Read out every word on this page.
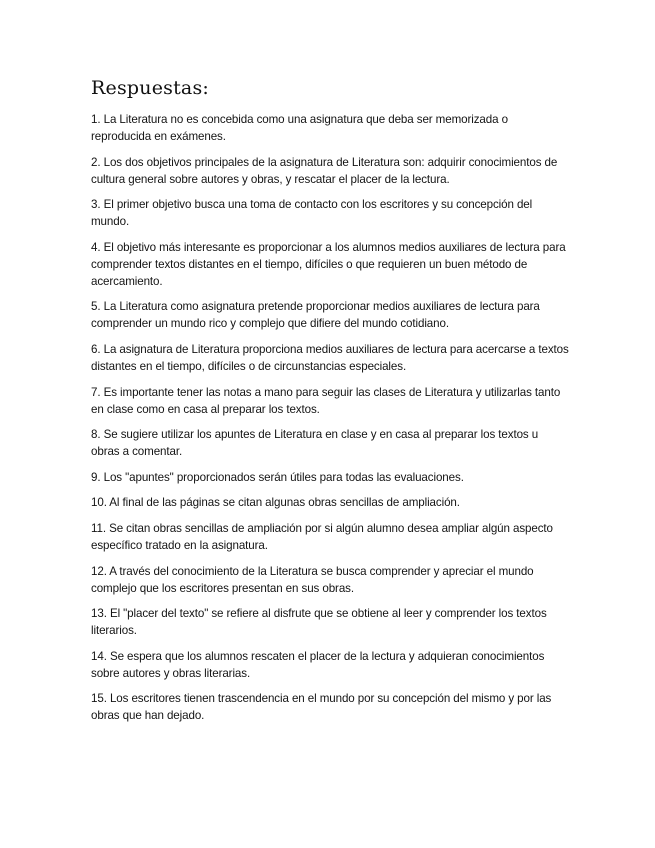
Respuestas:
1. La Literatura no es concebida como una asignatura que deba ser memorizada o reproducida en exámenes.
2. Los dos objetivos principales de la asignatura de Literatura son: adquirir conocimientos de cultura general sobre autores y obras, y rescatar el placer de la lectura.
3. El primer objetivo busca una toma de contacto con los escritores y su concepción del mundo.
4. El objetivo más interesante es proporcionar a los alumnos medios auxiliares de lectura para comprender textos distantes en el tiempo, difíciles o que requieren un buen método de acercamiento.
5. La Literatura como asignatura pretende proporcionar medios auxiliares de lectura para comprender un mundo rico y complejo que difiere del mundo cotidiano.
6. La asignatura de Literatura proporciona medios auxiliares de lectura para acercarse a textos distantes en el tiempo, difíciles o de circunstancias especiales.
7. Es importante tener las notas a mano para seguir las clases de Literatura y utilizarlas tanto en clase como en casa al preparar los textos.
8. Se sugiere utilizar los apuntes de Literatura en clase y en casa al preparar los textos u obras a comentar.
9. Los "apuntes" proporcionados serán útiles para todas las evaluaciones.
10. Al final de las páginas se citan algunas obras sencillas de ampliación.
11. Se citan obras sencillas de ampliación por si algún alumno desea ampliar algún aspecto específico tratado en la asignatura.
12. A través del conocimiento de la Literatura se busca comprender y apreciar el mundo complejo que los escritores presentan en sus obras.
13. El "placer del texto" se refiere al disfrute que se obtiene al leer y comprender los textos literarios.
14. Se espera que los alumnos rescaten el placer de la lectura y adquieran conocimientos sobre autores y obras literarias.
15. Los escritores tienen trascendencia en el mundo por su concepción del mismo y por las obras que han dejado.
